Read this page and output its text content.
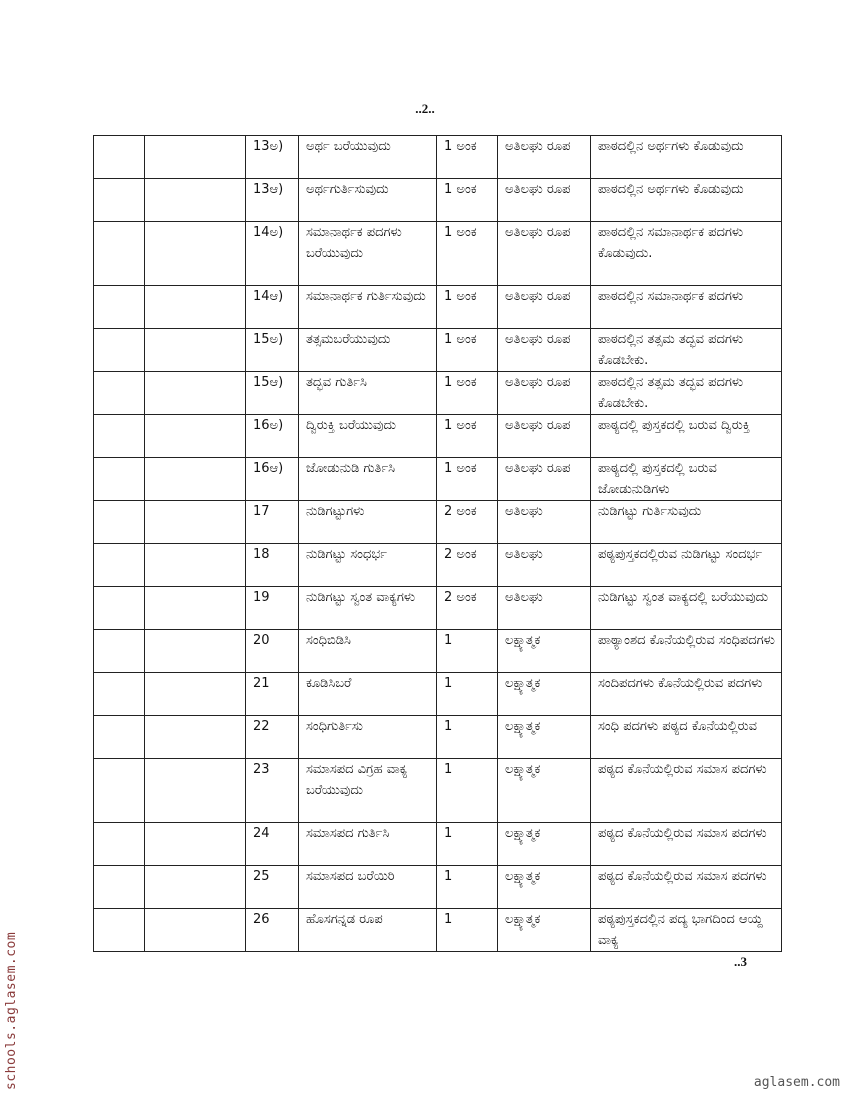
..2..
		13ಅ)	ಅರ್ಥ ಬರೆಯುವುದು	1 ಅಂಕ	ಅತಿಲಘು ರೂಪ	ಪಾಠದಲ್ಲಿನ ಅರ್ಥಗಳು ಕೊಡುವುದು
		13ಆ)	ಅರ್ಥಗುರ್ತಿಸುವುದು	1 ಅಂಕ	ಅತಿಲಘು ರೂಪ	ಪಾಠದಲ್ಲಿನ ಅರ್ಥಗಳು ಕೊಡುವುದು
		14ಅ)	ಸಮಾನಾರ್ಥಕ ಪದಗಳು ಬರೆಯುವುದು	1 ಅಂಕ	ಅತಿಲಘು ರೂಪ	ಪಾಠದಲ್ಲಿನ ಸಮಾನಾರ್ಥಕ ಪದಗಳು ಕೊಡುವುದು.
		14ಆ)	ಸಮಾನಾರ್ಥಕ ಗುರ್ತಿಸುವುದು	1 ಅಂಕ	ಅತಿಲಘು ರೂಪ	ಪಾಠದಲ್ಲಿನ ಸಮಾನಾರ್ಥಕ ಪದಗಳು
		15ಅ)	ತತ್ಸಮಬರೆಯುವುದು	1 ಅಂಕ	ಅತಿಲಘು ರೂಪ	ಪಾಠದಲ್ಲಿನ ತತ್ಸಮ ತದ್ಭವ ಪದಗಳು ಕೊಡಬೇಕು.
		15ಆ)	ತದ್ಭವ ಗುರ್ತಿಸಿ	1 ಅಂಕ	ಅತಿಲಘು ರೂಪ	ಪಾಠದಲ್ಲಿನ ತತ್ಸಮ ತದ್ಭವ ಪದಗಳು ಕೊಡಬೇಕು.
		16ಅ)	ದ್ವಿರುಕ್ತಿ ಬರೆಯುವುದು	1 ಅಂಕ	ಅತಿಲಘು ರೂಪ	ಪಾಠ್ಯದಲ್ಲಿ ಪುಸ್ತಕದಲ್ಲಿ ಬರುವ ದ್ವಿರುಕ್ತಿ
		16ಆ)	ಜೋಡುನುಡಿ ಗುರ್ತಿಸಿ	1 ಅಂಕ	ಅತಿಲಘು ರೂಪ	ಪಾಠ್ಯದಲ್ಲಿ ಪುಸ್ತಕದಲ್ಲಿ ಬರುವ ಜೋಡುನುಡಿಗಳು
		17	ನುಡಿಗಟ್ಟುಗಳು	2 ಅಂಕ	ಅತಿಲಘು	ನುಡಿಗಟ್ಟು ಗುರ್ತಿಸುವುದು
		18	ನುಡಿಗಟ್ಟು ಸಂಧರ್ಭ	2 ಅಂಕ	ಅತಿಲಘು	ಪಠ್ಯಪುಸ್ತಕದಲ್ಲಿರುವ ನುಡಿಗಟ್ಟು ಸಂದರ್ಭ
		19	ನುಡಿಗಟ್ಟು ಸ್ವಂತ ವಾಕ್ಯಗಳು	2 ಅಂಕ	ಅತಿಲಘು	ನುಡಿಗಟ್ಟು ಸ್ವಂತ ವಾಕ್ಯದಲ್ಲಿ ಬರೆಯುವುದು
		20	ಸಂಧಿಬಿಡಿಸಿ	1	ಲಕ್ಷ್ಯಾತ್ಮಕ	ಪಾಠ್ಯಾಂಶದ ಕೊನೆಯಲ್ಲಿರುವ ಸಂಧಿಪದಗಳು
		21	ಕೂಡಿಸಿಬರೆ	1	ಲಕ್ಷ್ಯಾತ್ಮಕ	ಸಂದಿಪದಗಳು ಕೊನೆಯಲ್ಲಿರುವ ಪದಗಳು
		22	ಸಂಧಿಗುರ್ತಿಸು	1	ಲಕ್ಷ್ಯಾತ್ಮಕ	ಸಂಧಿ ಪದಗಳು ಪಠ್ಯದ ಕೊನೆಯಲ್ಲಿರುವ
		23	ಸಮಾಸಪದ ವಿಗ್ರಹ ವಾಕ್ಯ ಬರೆಯುವುದು	1	ಲಕ್ಷ್ಯಾತ್ಮಕ	ಪಠ್ಯದ ಕೊನೆಯಲ್ಲಿರುವ ಸಮಾಸ ಪದಗಳು
		24	ಸಮಾಸಪದ ಗುರ್ತಿಸಿ	1	ಲಕ್ಷ್ಯಾತ್ಮಕ	ಪಠ್ಯದ ಕೊನೆಯಲ್ಲಿರುವ ಸಮಾಸ ಪದಗಳು
		25	ಸಮಾಸಪದ ಬರೆಯಿರಿ	1	ಲಕ್ಷ್ಯಾತ್ಮಕ	ಪಠ್ಯದ ಕೊನೆಯಲ್ಲಿರುವ ಸಮಾಸ ಪದಗಳು
		26	ಹೊಸಗನ್ನಡ ರೂಪ	1	ಲಕ್ಷ್ಯಾತ್ಮಕ	ಪಠ್ಯಪುಸ್ತಕದಲ್ಲಿನ ಪದ್ಯ ಭಾಗದಿಂದ ಆಯ್ದ ವಾಕ್ಯ
..3
schools.aglasem.com	aglasem.com
